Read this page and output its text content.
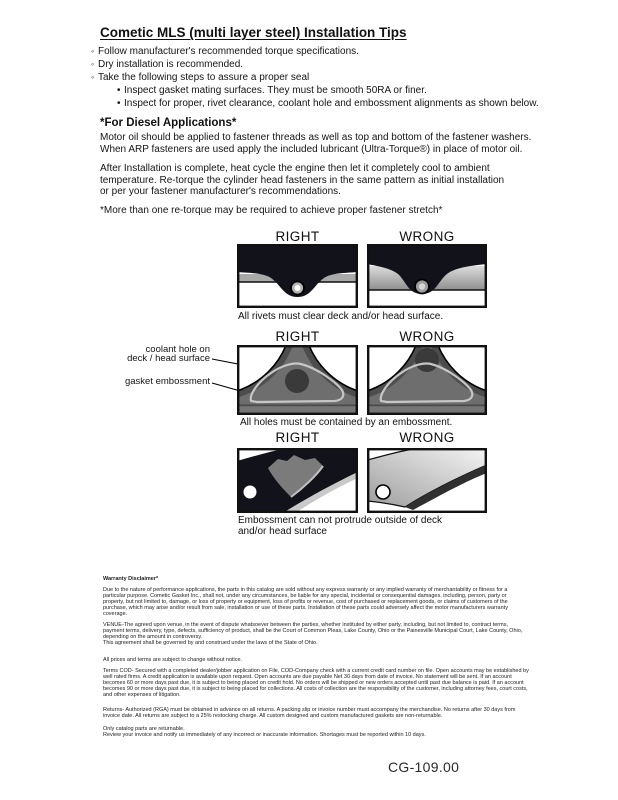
Cometic MLS (multi layer steel) Installation Tips
◦ Follow manufacturer's recommended torque specifications.
◦ Dry installation is recommended.
◦ Take the following steps to assure a proper seal
• Inspect gasket mating surfaces. They must be smooth 50RA or finer.
• Inspect for proper, rivet clearance, coolant hole and embossment alignments as shown below.
*For Diesel Applications*
Motor oil should be applied to fastener threads as well as top and bottom of the fastener washers.
When ARP fasteners are used apply the included lubricant (Ultra-Torque®) in place of motor oil.
After Installation is complete, heat cycle the engine then let it completely cool to ambient
temperature. Re-torque the cylinder head fasteners in the same pattern as initial installation
or per your fastener manufacturer's recommendations.
*More than one re-torque may be required to achieve proper fastener stretch*
RIGHT	WRONG
All rivets must clear deck and/or head surface.
RIGHT	WRONG
coolant hole on
deck / head surface
gasket embossment
All holes must be contained by an embossment.
RIGHT	WRONG
Embossment can not protrude outside of deck and/or head surface

Warranty Disclaimer*

Due to the nature of performance applications, the parts in this catalog are sold without any express warranty or any implied warranty of merchantability or fitness for a particular purpose. Cometic Gasket Inc., shall not, under any circumstances, be liable for any special, incidental or consequential damages, including, person, party or property, but not limited to, damage, or loss of property or equipment, loss of profits or revenue, cost of purchased or replacement goods, or claims of customers of the purchase, which may arise and/or result from sale, installation or use of these parts. Installation of these parts could adversely affect the motor manufacturers warranty coverage.

VENUE-The agreed upon venue, in the event of dispute whatsoever between the parties, whether instituted by either party, including, but not limited to, contract terms, payment terms, delivery, type, defects, sufficiency of product, shall be the Court of Common Pleas, Lake County, Ohio or the Painesville Municipal Court, Lake County, Ohio, depending on the amount in controversy.

This agreement shall be governed by and construed under the laws of the State of Ohio.

All prices and terms are subject to change without notice.

Terms COD- Secured with a completed dealer/jobber application on File, COD-Company check with a current credit card number on file. Open accounts may be established by well rated firms. A credit application is available upon request. Open accounts are due payable Net 30 days from date of invoice. No statement will be sent. If an account becomes 60 or more days past due, it is subject to being placed on credit hold. No orders will be shipped or new orders accepted until past due balance is paid. If an account becomes 90 or more days past due, it is subject to being placed for collections. All costs of collection are the responsibility of the customer, including attorney fees, court costs, and other expenses of litigation.

Returns- Authorized (RGA) must be obtained in advance on all returns. A packing slip or invoice number must accompany the merchandise. No returns after 30 days from invoice date. All returns are subject to a 25% restocking charge. All custom designed and custom manufactured gaskets are non-returnable.

Only catalog parts are returnable.

Review your invoice and notify us immediately of any incorrect or inaccurate information. Shortages must be reported within 10 days.

CG-109.00
